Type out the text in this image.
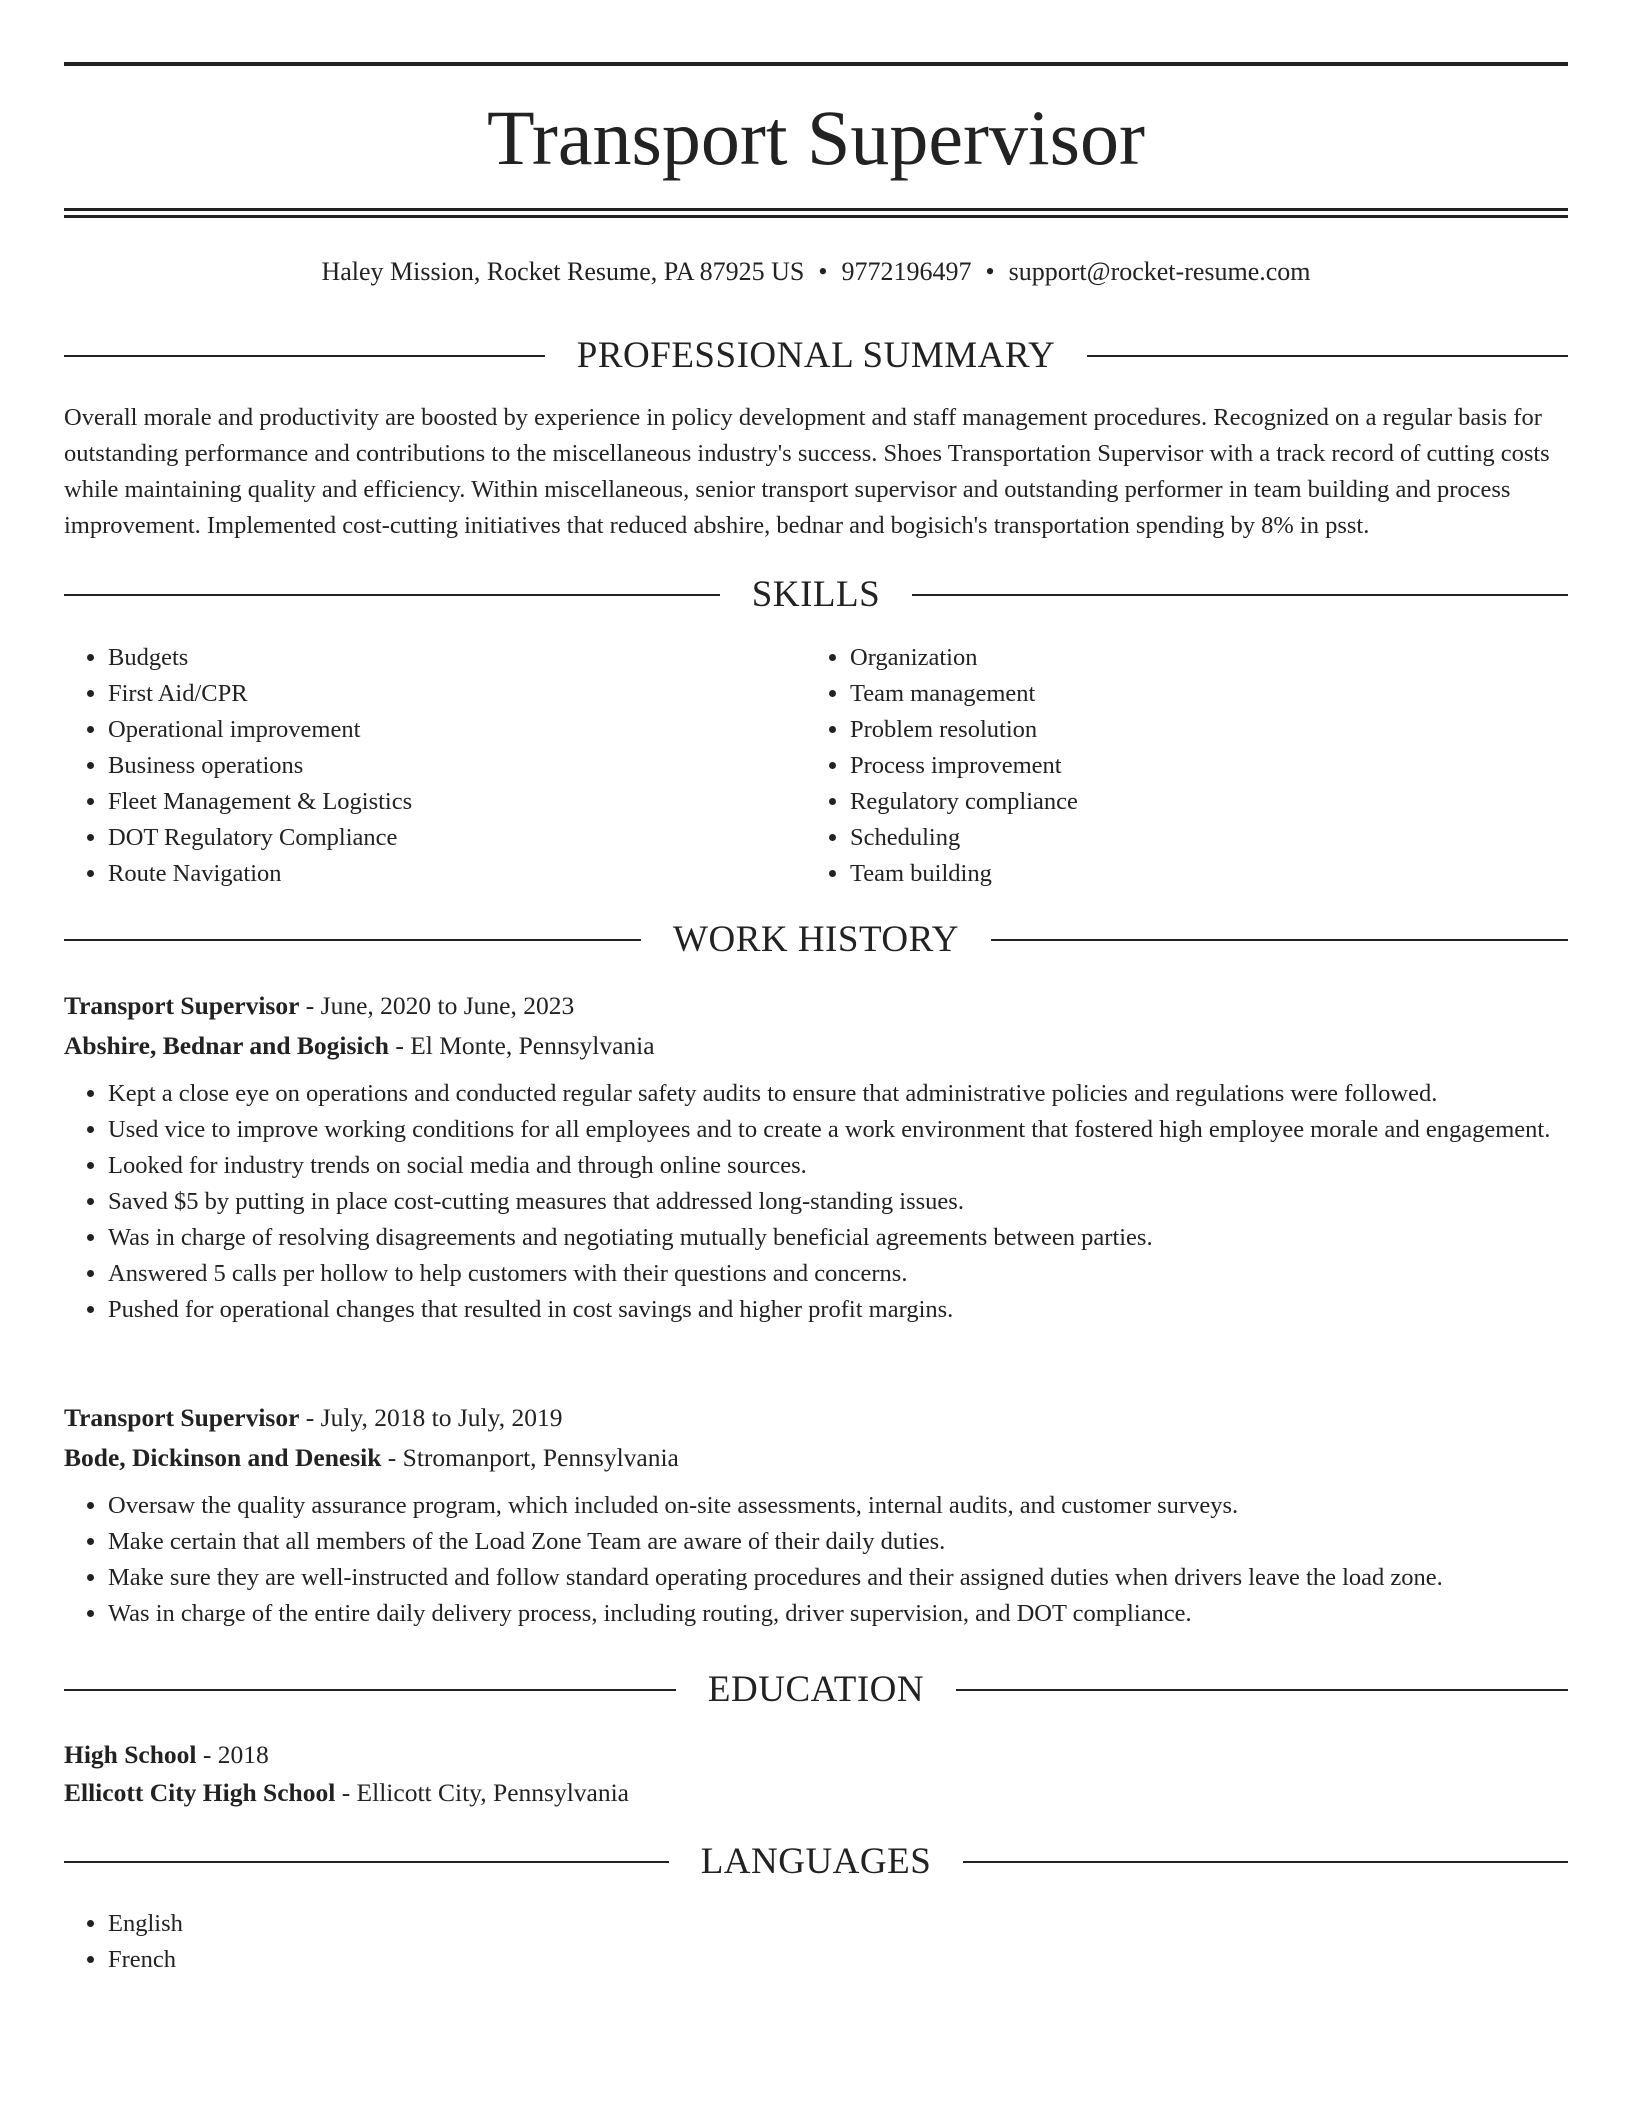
Transport Supervisor
Haley Mission, Rocket Resume, PA 87925 US • 9772196497 • support@rocket-resume.com
PROFESSIONAL SUMMARY

Overall morale and productivity are boosted by experience in policy development and staff management procedures. Recognized on a regular basis for outstanding performance and contributions to the miscellaneous industry's success. Shoes Transportation Supervisor with a track record of cutting costs while maintaining quality and efficiency. Within miscellaneous, senior transport supervisor and outstanding performer in team building and process improvement. Implemented cost-cutting initiatives that reduced abshire, bednar and bogisich's transportation spending by 8% in psst.

SKILLS
• Budgets
• First Aid/CPR
• Operational improvement
• Business operations
• Fleet Management & Logistics
• DOT Regulatory Compliance
• Route Navigation
• Organization
• Team management
• Problem resolution
• Process improvement
• Regulatory compliance
• Scheduling
• Team building
WORK HISTORY

Transport Supervisor - June, 2020 to June, 2023

Abshire, Bednar and Bogisich - El Monte, Pennsylvania

• Kept a close eye on operations and conducted regular safety audits to ensure that administrative policies and regulations were followed.
• Used vice to improve working conditions for all employees and to create a work environment that fostered high employee morale and engagement.
• Looked for industry trends on social media and through online sources.
• Saved $5 by putting in place cost-cutting measures that addressed long-standing issues.
• Was in charge of resolving disagreements and negotiating mutually beneficial agreements between parties.
• Answered 5 calls per hollow to help customers with their questions and concerns.
• Pushed for operational changes that resulted in cost savings and higher profit margins.

Transport Supervisor - July, 2018 to July, 2019

Bode, Dickinson and Denesik - Stromanport, Pennsylvania

• Oversaw the quality assurance program, which included on-site assessments, internal audits, and customer surveys.
• Make certain that all members of the Load Zone Team are aware of their daily duties.
• Make sure they are well-instructed and follow standard operating procedures and their assigned duties when drivers leave the load zone.
• Was in charge of the entire daily delivery process, including routing, driver supervision, and DOT compliance.
EDUCATION

High School - 2018

Ellicott City High School - Ellicott City, Pennsylvania

LANGUAGES
• English
• French
